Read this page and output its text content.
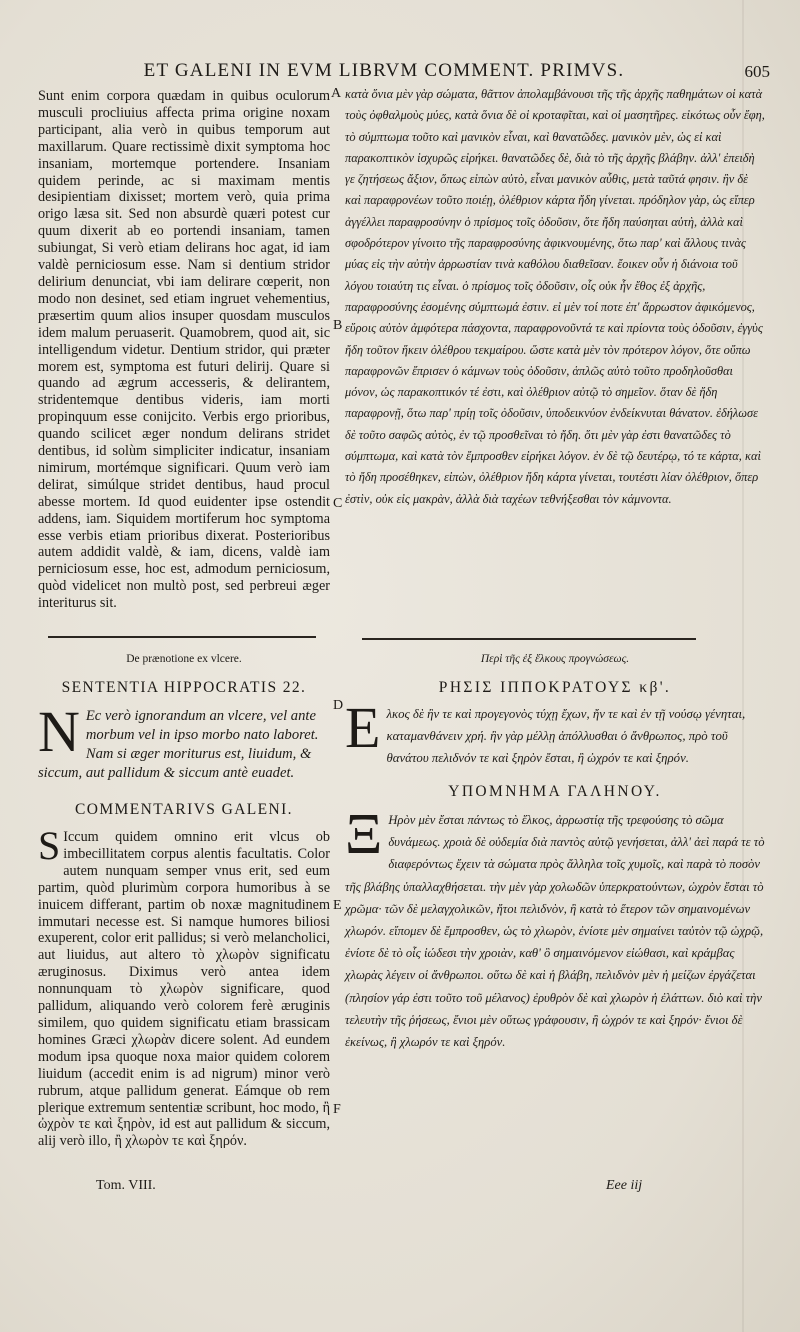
ET GALENI IN EVM LIBRVM COMMENT. PRIMVS.	605
A
B
C
D
E
F

Sunt enim corpora quædam in quibus oculorum musculi procliuius affecta prima origine noxam participant, alia verò in quibus temporum aut maxillarum. Quare rectissimè dixit symptoma hoc insaniam, mortemque portendere. Insaniam quidem perinde, ac si maximam mentis desipientiam dixisset; mortem verò, quia prima origo læsa sit. Sed non absurdè quæri potest cur quum dixerit ab eo portendi insaniam, tamen subiungat, Si verò etiam delirans hoc agat, id iam valdè perniciosum esse. Nam si dentium stridor delirium denunciat, vbi iam delirare cœperit, non modo non desinet, sed etiam ingruet vehementius, præsertim quum alios insuper quosdam musculos idem malum peruaserit. Quamobrem, quod ait, sic intelligendum videtur. Dentium stridor, qui præter morem est, symptoma est futuri delirij. Quare si quando ad ægrum accesseris, & delirantem, stridentemque dentibus videris, iam morti propinquum esse conijcito. Verbis ergo prioribus, quando scilicet æger nondum delirans stridet dentibus, id solùm simpliciter indicatur, insaniam nimirum, mortémque significari. Quum verò iam delirat, simúlque stridet dentibus, haud procul abesse mortem. Id quod euidenter ipse ostendit addens, iam. Siquidem mortiferum hoc symptoma esse verbis etiam prioribus dixerat. Posterioribus autem addidit valdè, & iam, dicens, valdè iam perniciosum esse, hoc est, admodum perniciosum, quòd videlicet non multò post, sed perbreui æger interiturus sit.

De prænotione ex vlcere.

SENTENTIA HIPPOCRATIS 22.

N Ec verò ignorandum an vlcere, vel ante morbum vel in ipso morbo nato laboret. Nam si æger moriturus est, liuidum, & siccum, aut pallidum & siccum antè euadet.

COMMENTARIVS GALENI.

S Iccum quidem omnino erit vlcus ob imbecillitatem corpus alentis facultatis. Color autem nunquam semper vnus erit, sed eum partim, quòd plurimùm corpora humoribus à se inuicem differant, partim ob noxæ magnitudinem immutari necesse est. Si namque humores biliosi exuperent, color erit pallidus; si verò melancholici, aut liuidus, aut altero τὸ χλωρὸν significatu æruginosus. Diximus verò antea idem nonnunquam τὸ χλωρὸν significare, quod pallidum, aliquando verò colorem ferè æruginis similem, quo quidem significatu etiam brassicam homines Græci χλωρὰν dicere solent. Ad eundem modum ipsa quoque noxa maior quidem colorem liuidum (accedit enim is ad nigrum) minor verò rubrum, atque pallidum generat. Eámque ob rem plerique extremum sententiæ scribunt, hoc modo, ἢ ὠχρὸν τε καὶ ξηρὸν, id est aut pallidum & siccum, alij verò illo, ἢ χλωρὸν τε καὶ ξηρόν.

κατὰ ὅνια μὲν γὰρ σώματα, θᾶττον ἀπολαμβάνουσι τῆς τῆς ἀρχῆς παθημάτων οἱ κατὰ τοὺς ὀφθαλμοὺς μύες, κατὰ ὅνια δὲ οἱ κροταφῖται, καὶ οἱ μασητῆρες. εἰκότως οὖν ἔφη, τὸ σύμπτωμα τοῦτο καὶ μανικὸν εἶναι, καὶ θανατῶδες. μανικὸν μὲν, ὡς εἰ καὶ παρακοπτικὸν ἰσχυρῶς εἰρήκει. θανατῶδες δὲ, διὰ τὸ τῆς ἀρχῆς βλάβην. ἀλλ' ἐπειδὴ γε ζητήσεως ἄξιον, ὅπως εἰπὼν αὐτὸ, εἶναι μανικὸν αὖθις, μετὰ ταῦτά φησιν. ἢν δὲ καὶ παραφρονέων τοῦτο ποιέῃ, ὀλέθριον κάρτα ἤδη γίνεται. πρόδηλον γὰρ, ὡς εἴπερ ἀγγέλλει παραφροσύνην ὁ πρίσμος τοῖς ὀδοῦσιν, ὅτε ἤδη παύσηται αὐτὴ, ἀλλὰ καὶ σφοδρότερον γίνοιτο τῆς παραφροσύνης ἀφικνουμένης, ὅτω παρ' καὶ ἄλλους τινὰς μύας εἰς τὴν αὐτὴν ἀρρωστίαν τινὰ καθόλου διαθεῖσαν. ἔοικεν οὖν ἡ διάνοια τοῦ λόγου τοιαύτη τις εἶναι. ὁ πρίσμος τοῖς ὀδοῦσιν, οἷς οὐκ ἦν ἔθος ἐξ ἀρχῆς, παραφροσύνης ἐσομένης σύμπτωμά ἐστιν. εἰ μὲν τοί ποτε ἐπ' ἄρρωστον ἀφικόμενος, εὕροις αὐτὸν ἀμφότερα πάσχοντα, παραφρονοῦντά τε καὶ πρίοντα τοὺς ὀδοῦσιν, ἐγγὺς ἤδη τοῦτον ἥκειν ὀλέθρου τεκμαίρου. ὥστε κατὰ μὲν τὸν πρότερον λόγον, ὅτε οὔπω παραφρονῶν ἔπρισεν ὁ κάμνων τοὺς ὀδοῦσιν, ἁπλῶς αὐτὸ τοῦτο προδηλοῦσθαι μόνον, ὡς παρακοπτικόν τέ ἐστι, καὶ ὀλέθριον αὐτῷ τὸ σημεῖον. ὅταν δὲ ἤδη παραφρονῇ, ὅτω παρ' πρίῃ τοῖς ὀδοῦσιν, ὑποδεικνύον ἐνδείκνυται θάνατον. ἐδήλωσε δὲ τοῦτο σαφῶς αὐτὸς, ἐν τῷ προσθεῖναι τὸ ἤδη. ὅτι μὲν γὰρ ἐστι θανατῶδες τὸ σύμπτωμα, καὶ κατὰ τὸν ἔμπροσθεν εἰρήκει λόγον. ἐν δὲ τῷ δευτέρῳ, τό τε κάρτα, καὶ τὸ ἤδη προσέθηκεν, εἰπὼν, ὀλέθριον ἤδη κάρτα γίνεται, τουτέστι λίαν ὀλέθριον, ὅπερ ἐστὶν, οὐκ εἰς μακρὰν, ἀλλὰ διὰ ταχέων τεθνήξεσθαι τὸν κάμνοντα.

Περὶ τῆς ἐξ ἕλκους προγνώσεως.

ΡΗΣΙΣ ΙΠΠΟΚΡΑΤΟΥΣ κβ'.

Ε λκος δὲ ἢν τε καὶ προγεγονὸς τύχῃ ἔχων, ἤν τε καὶ ἐν τῇ νούσῳ γένηται, καταμανθάνειν χρή. ἢν γὰρ μέλλῃ ἀπόλλυσθαι ὁ ἄνθρωπος, πρὸ τοῦ θανάτου πελιδνόν τε καὶ ξηρὸν ἔσται, ἢ ὠχρόν τε καὶ ξηρόν.

ΥΠΟΜΝΗΜΑ ΓΑΛΗΝΟΥ.

Ξ Ηρὸν μὲν ἔσται πάντως τὸ ἕλκος, ἀρρωστίᾳ τῆς τρεφούσης τὸ σῶμα δυνάμεως. χροιὰ δὲ οὐδεμία διὰ παντὸς αὐτῷ γενήσεται, ἀλλ' ἀεὶ παρά τε τὸ διαφερόντως ἔχειν τὰ σώματα πρὸς ἄλληλα τοῖς χυμοῖς, καὶ παρὰ τὸ ποσὸν τῆς βλάβης ὑπαλλαχθήσεται. τὴν μὲν γὰρ χολωδῶν ὑπερκρατούντων, ὠχρὸν ἔσται τὸ χρῶμα· τῶν δὲ μελαγχολικῶν, ἤτοι πελιδνὸν, ἢ κατὰ τὸ ἕτερον τῶν σημαινομένων χλωρόν. εἴπομεν δὲ ἔμπροσθεν, ὡς τὸ χλωρὸν, ἐνίοτε μὲν σημαίνει ταὐτὸν τῷ ὠχρῷ, ἐνίοτε δὲ τὸ οἷς ἰώδεσι τὴν χροιὰν, καθ' ὃ σημαινόμενον εἰώθασι, καὶ κράμβας χλωρὰς λέγειν οἱ ἄνθρωποι. οὕτω δὲ καὶ ἡ βλάβη, πελιδνὸν μὲν ἡ μείζων ἐργάζεται (πλησίον γάρ ἐστι τοῦτο τοῦ μέλανος) ἐρυθρὸν δὲ καὶ χλωρὸν ἡ ἐλάττων. διὸ καὶ τὴν τελευτὴν τῆς ῥήσεως, ἔνιοι μὲν οὕτως γράφουσιν, ἢ ὠχρόν τε καὶ ξηρόν· ἔνιοι δὲ ἐκείνως, ἢ χλωρόν τε καὶ ξηρόν.

Tom. VIII.	Eee iij
